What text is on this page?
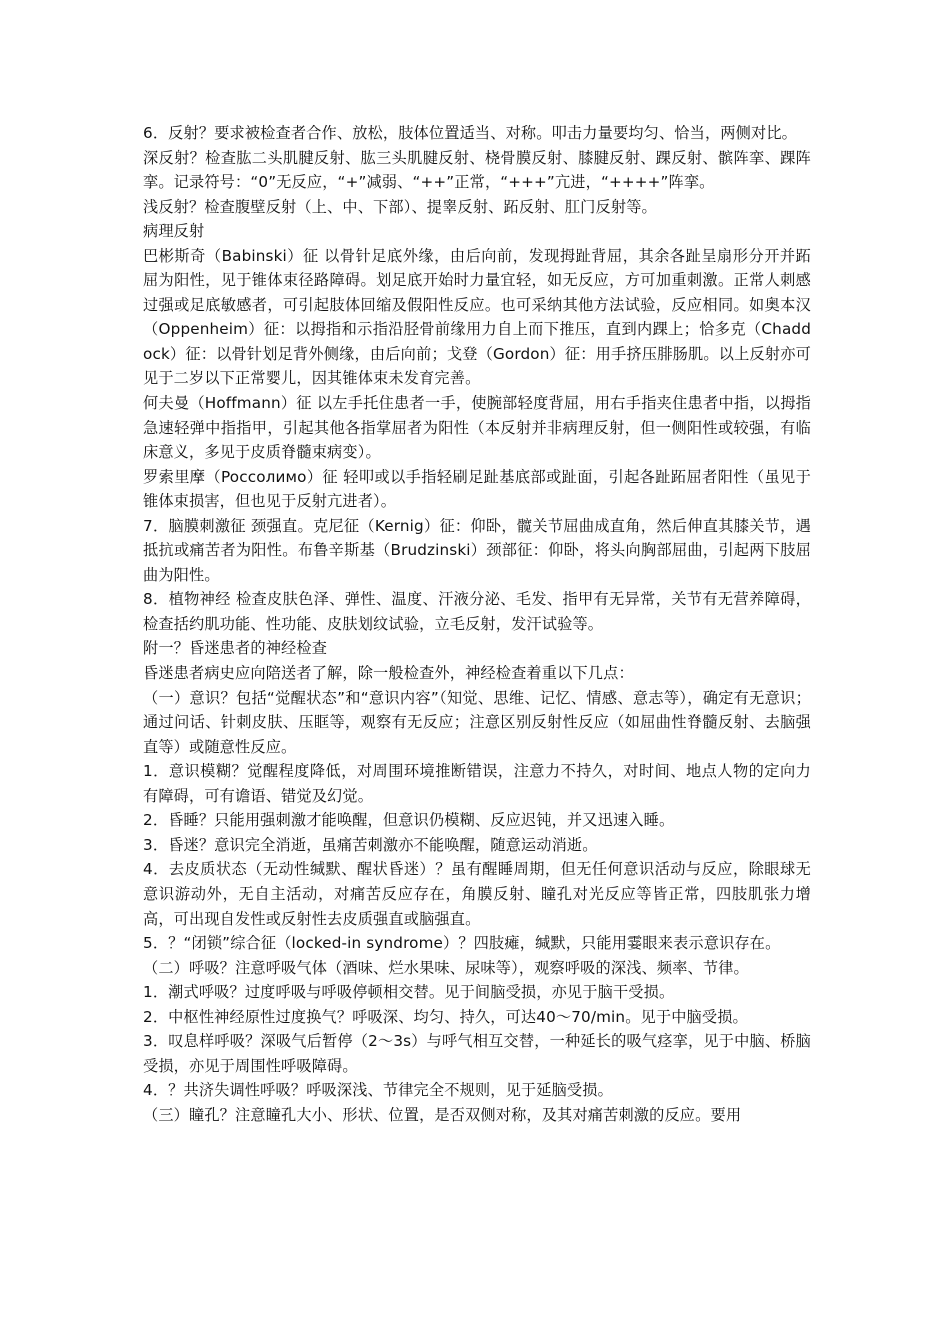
6．反射？要求被检查者合作、放松，肢体位置适当、对称。叩击力量要均匀、恰当，两侧对比。

深反射？检查肱二头肌腱反射、肱三头肌腱反射、桡骨膜反射、膝腱反射、踝反射、髌阵挛、踝阵挛。记录符号：“0”无反应，“+”减弱、“++”正常，“+++”亢进，“++++”阵挛。

浅反射？检查腹壁反射（上、中、下部）、提睾反射、跖反射、肛门反射等。

病理反射

巴彬斯奇（Babinski）征 以骨针足底外缘，由后向前，发现拇趾背屈，其余各趾呈扇形分开并跖屈为阳性，见于锥体束径路障碍。划足底开始时力量宜轻，如无反应，方可加重刺激。正常人刺感过强或足底敏感者，可引起肢体回缩及假阳性反应。也可采纳其他方法试验，反应相同。如奥本汉（Oppenheim）征：以拇指和示指沿胫骨前缘用力自上而下推压，直到内踝上；恰多克（Chaddock）征：以骨针划足背外侧缘，由后向前；戈登（Gordon）征：用手挤压腓肠肌。以上反射亦可见于二岁以下正常婴儿，因其锥体束未发育完善。

何夫曼（Hoffmann）征 以左手托住患者一手，使腕部轻度背屈，用右手指夹住患者中指，以拇指急速轻弹中指指甲，引起其他各指掌屈者为阳性（本反射并非病理反射，但一侧阳性或较强，有临床意义，多见于皮质脊髓束病变）。

罗索里摩（Poccoлимо）征 轻叩或以手指轻刷足趾基底部或趾面，引起各趾跖屈者阳性（虽见于锥体束损害，但也见于反射亢进者）。

7．脑膜刺激征 颈强直。克尼征（Kernig）征：仰卧，髋关节屈曲成直角，然后伸直其膝关节，遇抵抗或痛苦者为阳性。布鲁辛斯基（Brudzinski）颈部征：仰卧，将头向胸部屈曲，引起两下肢屈曲为阳性。

8．植物神经 检查皮肤色泽、弹性、温度、汗液分泌、毛发、指甲有无异常，关节有无营养障碍，检查括约肌功能、性功能、皮肤划纹试验，立毛反射，发汗试验等。

附一？昏迷患者的神经检查

昏迷患者病史应向陪送者了解，除一般检查外，神经检查着重以下几点：

（一）意识？包括“觉醒状态”和“意识内容”（知觉、思维、记忆、情感、意志等），确定有无意识；通过问话、针刺皮肤、压眶等，观察有无反应；注意区别反射性反应（如屈曲性脊髓反射、去脑强直等）或随意性反应。

1．意识模糊？觉醒程度降低，对周围环境推断错误，注意力不持久，对时间、地点人物的定向力有障碍，可有谵语、错觉及幻觉。

2．昏睡？只能用强刺激才能唤醒，但意识仍模糊、反应迟钝，并又迅速入睡。

3．昏迷？意识完全消逝，虽痛苦刺激亦不能唤醒，随意运动消逝。

4．去皮质状态（无动性缄默、醒状昏迷）？虽有醒睡周期，但无任何意识活动与反应，除眼球无意识游动外，无自主活动，对痛苦反应存在，角膜反射、瞳孔对光反应等皆正常，四肢肌张力增高，可出现自发性或反射性去皮质强直或脑强直。

5．？“闭锁”综合征（locked-in syndrome）？四肢瘫，缄默，只能用霎眼来表示意识存在。

（二）呼吸？注意呼吸气体（酒味、烂水果味、尿味等），观察呼吸的深浅、频率、节律。

1．潮式呼吸？过度呼吸与呼吸停顿相交替。见于间脑受损，亦见于脑干受损。

2．中枢性神经原性过度换气？呼吸深、均匀、持久，可达40～70/min。见于中脑受损。

3．叹息样呼吸？深吸气后暂停（2～3s）与呼气相互交替，一种延长的吸气痉挛，见于中脑、桥脑受损，亦见于周围性呼吸障碍。

4．？共济失调性呼吸？呼吸深浅、节律完全不规则，见于延脑受损。

（三）瞳孔？注意瞳孔大小、形状、位置，是否双侧对称，及其对痛苦刺激的反应。要用
